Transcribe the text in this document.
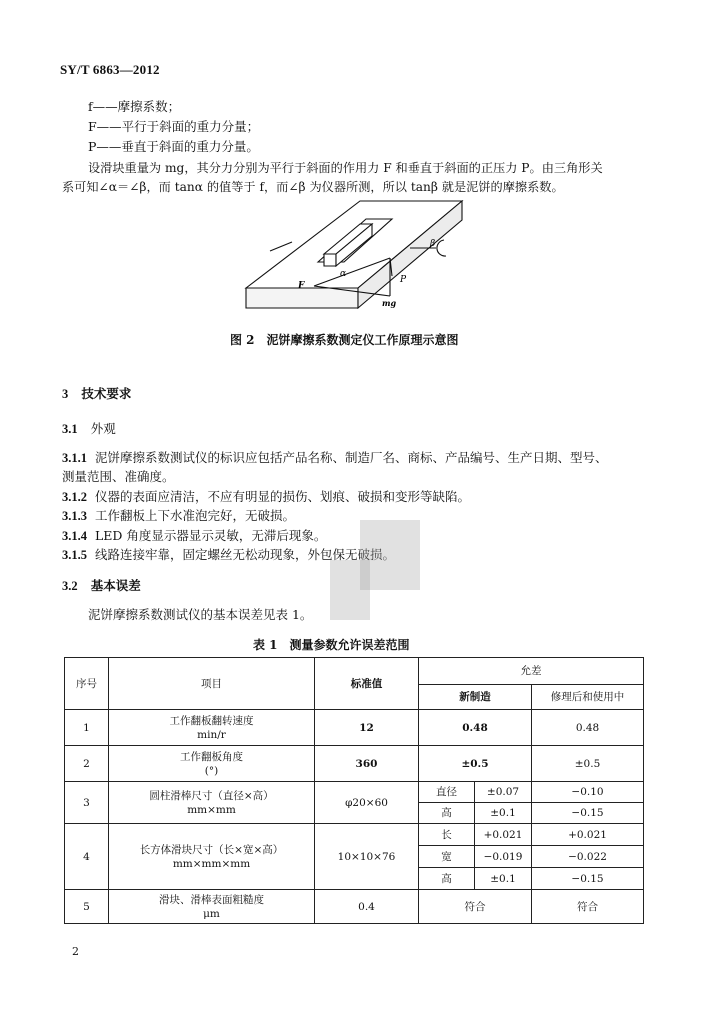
SY/T 6863—2012
f——摩擦系数；
F——平行于斜面的重力分量；
P——垂直于斜面的重力分量。
设滑块重量为 mg，其分力分别为平行于斜面的作用力 F 和垂直于斜面的正压力 P。由三角形关
系可知∠α＝∠β，而 tanα 的值等于 f，而∠β 为仪器所测，所以 tanβ 就是泥饼的摩擦系数。
α
β
F
P
mg
图 2　泥饼摩擦系数测定仪工作原理示意图
3 技术要求
3.1 外观
3.1.1 泥饼摩擦系数测试仪的标识应包括产品名称、制造厂名、商标、产品编号、生产日期、型号、
测量范围、准确度。
3.1.2 仪器的表面应清洁，不应有明显的损伤、划痕、破损和变形等缺陷。
3.1.3 工作翻板上下水准泡完好，无破损。
3.1.4 LED 角度显示器显示灵敏，无滞后现象。
3.1.5 线路连接牢靠，固定螺丝无松动现象，外包保无破损。
3.2 基本误差
泥饼摩擦系数测试仪的基本误差见表 1。
表 1　测量参数允许误差范围
序号	项目	标准值	允差		
			新制造		修理后和使用中
1	工作翻板翻转速度
min/r	12	0.48		0.48
2	工作翻板角度
(°)	360	±0.5		±0.5
3	圆柱滑棒尺寸（直径×高）
mm×mm	φ20×60	直径	±0.07	−0.10
			高	±0.1	−0.15
4	长方体滑块尺寸（长×宽×高）
mm×mm×mm	10×10×76	长	+0.021	+0.021
			宽	−0.019	−0.022
			高	±0.1	−0.15
5	滑块、滑棒表面粗糙度
μm	0.4	符合		符合
2
